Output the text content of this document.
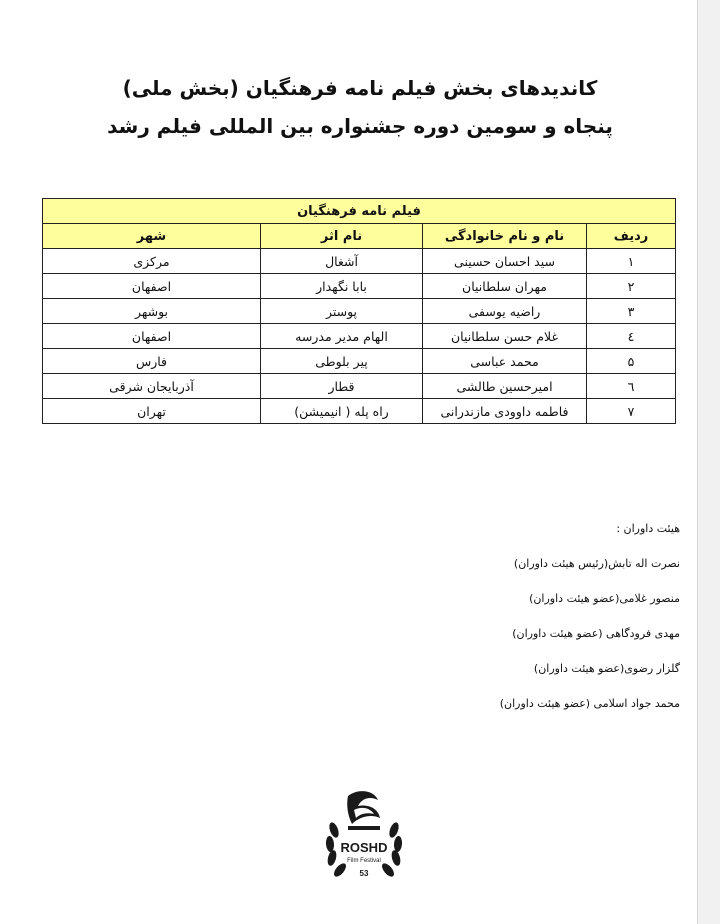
کاندیدهای بخش فیلم نامه فرهنگیان (بخش ملی)
پنجاه و سومین دوره جشنواره بین المللی فیلم رشد
فیلم نامه فرهنگیان			
ردیف	نام و نام خانوادگی	نام اثر	شهر
۱	سید احسان حسینی	آشغال	مرکزی
۲	مهران سلطانیان	بابا نگهدار	اصفهان
۳	راضیه یوسفی	پوستر	بوشهر
٤	غلام حسن سلطانیان	الهام مدیر مدرسه	اصفهان
۵	محمد عباسی	پیر بلوطی	فارس
٦	امیرحسین طالشی	قطار	آذربایجان شرقی
۷	فاطمه داوودی مازندرانی	راه پله ( انیمیشن)	تهران
هیئت داوران :
نصرت اله تابش(رئیس هیئت داوران)
منصور غلامی(عضو هیئت داوران)
مهدی فرودگاهی (عضو هیئت داوران)
گلزار رضوی(عضو هیئت داوران)
محمد جواد اسلامی (عضو هیئت داوران)
ROSHD
Film Festival
53
